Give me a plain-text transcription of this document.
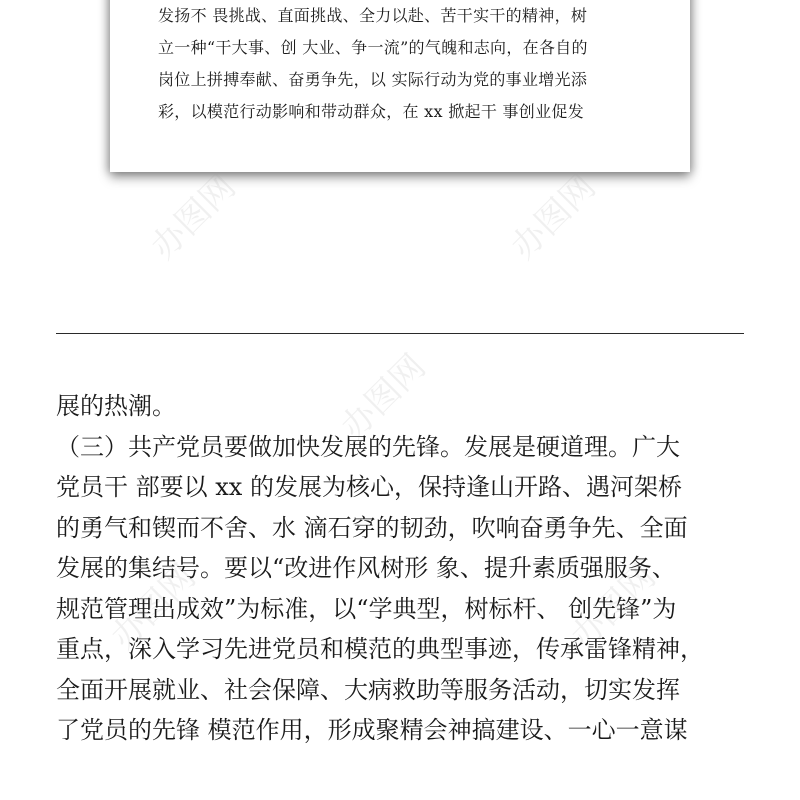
发扬不 畏挑战、直面挑战、全力以赴、苦干实干的精神，树
立一种“干大事、创 大业、争一流”的气魄和志向，在各自的
岗位上拼搏奉献、奋勇争先，以 实际行动为党的事业增光添
彩，以模范行动影响和带动群众，在 xx 掀起干 事创业促发

办图网	办图网
办图网
办图网	办图网

展的热潮。
（三）共产党员要做加快发展的先锋。发展是硬道理。广大
党员干 部要以 xx 的发展为核心，保持逢山开路、遇河架桥
的勇气和锲而不舍、水 滴石穿的韧劲，吹响奋勇争先、全面
发展的集结号。要以“改进作风树形 象、提升素质强服务、
规范管理出成效”为标准，以“学典型，树标杆、 创先锋”为
重点，深入学习先进党员和模范的典型事迹，传承雷锋精神，
全面开展就业、社会保障、大病救助等服务活动，切实发挥
了党员的先锋 模范作用，形成聚精会神搞建设、一心一意谋
